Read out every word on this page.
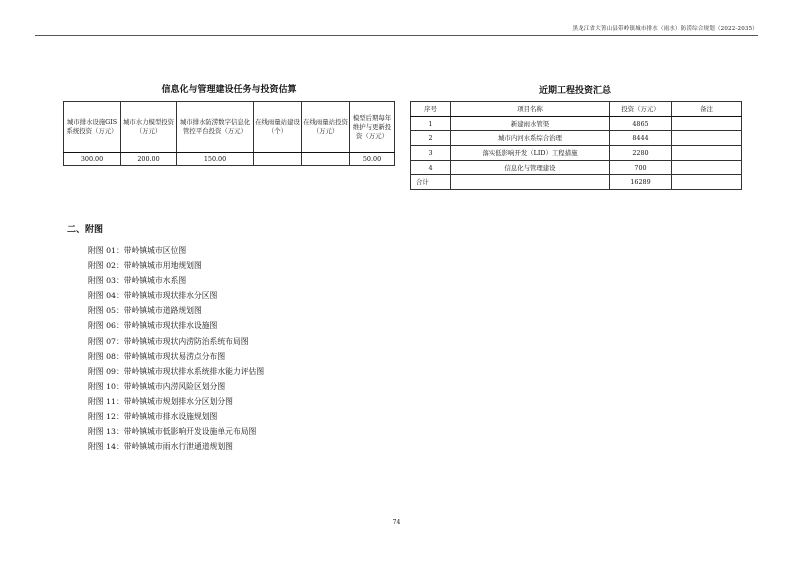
黑龙江省大箐山县带岭镇城市排水（雨水）防涝综合规划（2022-2035）
信息化与管理建设任务与投资估算
城市排水设施GIS系统投资（万元）	城市水力模型投资（万元）	城市排水防涝数字信息化管控平台投资（万元）	在线雨量站建设（个）	在线雨量站投资（万元）	模型后期每年维护与更新投资（万元）
300.00	200.00	150.00			50.00
近期工程投资汇总
序号	项目名称	投资（万元）	备注
1	新建雨水管渠	4865	
2	城市内河水系综合治理	8444	
3	落实低影响开发（LID）工程措施	2280	
4	信息化与管理建设	700	
合计		16289	
二、附图
附图 01：带岭镇城市区位图
附图 02：带岭镇城市用地规划图
附图 03：带岭镇城市水系图
附图 04：带岭镇城市现状排水分区图
附图 05：带岭镇城市道路规划图
附图 06：带岭镇城市现状排水设施图
附图 07：带岭镇城市现状内涝防治系统布局图
附图 08：带岭镇城市现状易涝点分布图
附图 09：带岭镇城市现状排水系统排水能力评估图
附图 10：带岭镇城市内涝风险区划分图
附图 11：带岭镇城市规划排水分区划分图
附图 12：带岭镇城市排水设施规划图
附图 13：带岭镇城市低影响开发设施单元布局图
附图 14：带岭镇城市雨水行泄通道规划图
74
